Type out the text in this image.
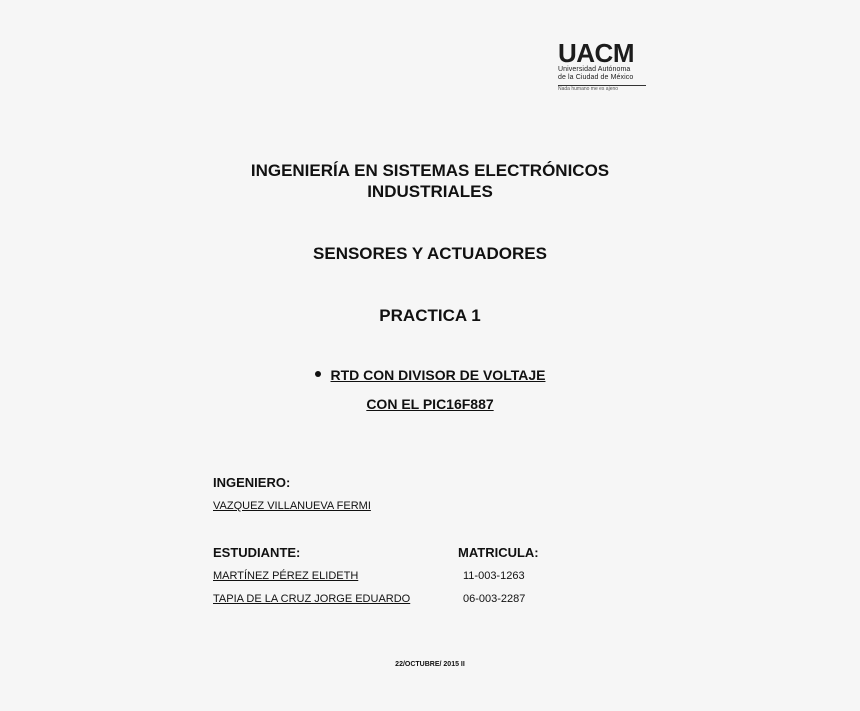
UACM
Universidad Autónoma
de la Ciudad de México
Nada humano me es ajeno
INGENIERÍA EN SISTEMAS ELECTRÓNICOS INDUSTRIALES
SENSORES Y ACTUADORES
PRACTICA 1
RTD CON DIVISOR DE VOLTAJE
CON EL PIC16F887
INGENIERO:
VAZQUEZ VILLANUEVA FERMI
ESTUDIANTE:	MATRICULA:
MARTÍNEZ PÉREZ ELIDETH	11-003-1263
TAPIA DE LA CRUZ JORGE EDUARDO	06-003-2287
22/OCTUBRE/ 2015 II
